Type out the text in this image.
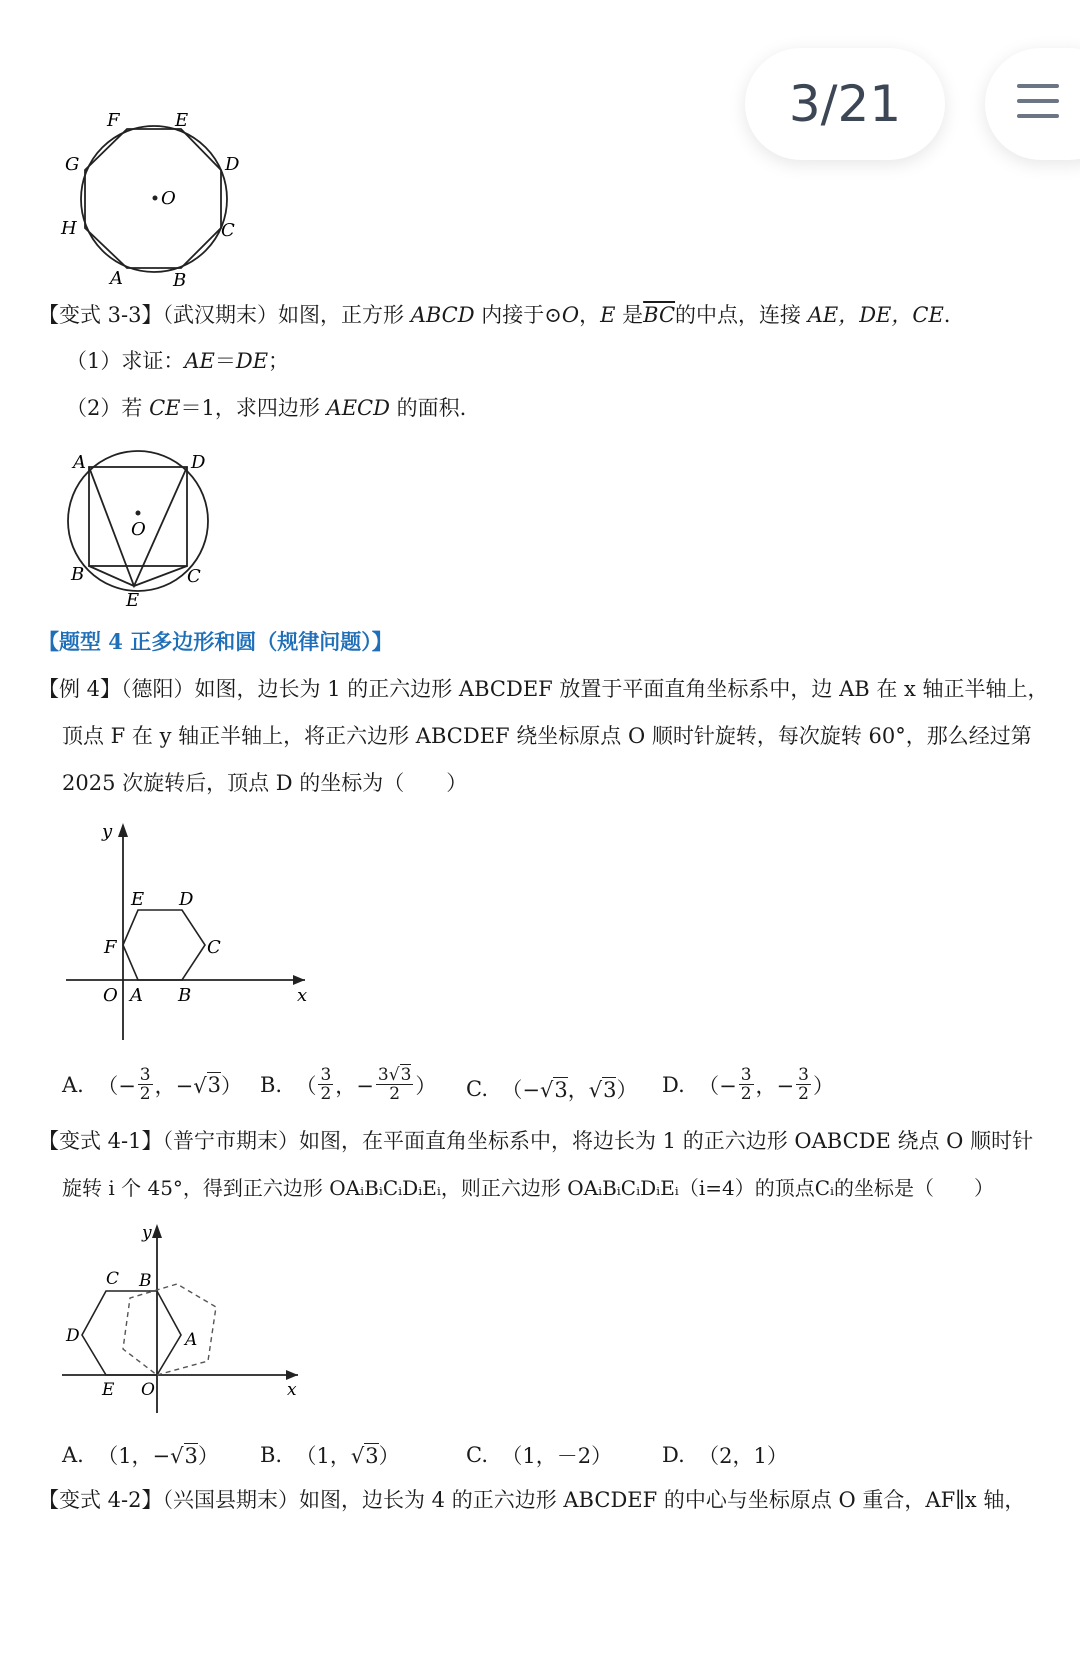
3/21
F	E
G	D
O
H	C
A	B
【变式 3-3】（武汉期末）如图，正方形 ABCD 内接于⊙O，E 是$\overline{BC}$的中点，连接 AE，DE，CE.
（1）求证：AE＝DE；
（2）若 CE＝1，求四边形 AECD 的面积.
A	D
O
B	C
E
【题型 4 正多边形和圆（规律问题）】
【例 4】（德阳）如图，边长为 1 的正六边形 ABCDEF 放置于平面直角坐标系中，边 AB 在 x 轴正半轴上，
顶点 F 在 y 轴正半轴上，将正六边形 ABCDEF 绕坐标原点 O 顺时针旋转，每次旋转 60°，那么经过第
2025 次旋转后，顶点 D 的坐标为（　　）
y
E D
F	C
O A B	x
A. （− $\frac{3}{2}$ ，−√ 3 ） B. （ $\frac{3}{2}$ ，− $\frac{3√3}{2}$ ） C. （−√ 3 ，√ 3 ） D. （− $\frac{3}{2}$ ，− $\frac{3}{2}$ ）
【变式 4-1】（普宁市期末）如图，在平面直角坐标系中，将边长为 1 的正六边形 OABCDE 绕点 O 顺时针
旋转 i 个 45°，得到正六边形 OAᵢBᵢCᵢDᵢEᵢ，则正六边形 OAᵢBᵢCᵢDᵢEᵢ（i=4）的顶点Cᵢ的坐标是（　　）
y
C B
D	A
E O	x
A. （1，−√ 3 ） B. （1，√ 3 ）	C.
（1，－2） D.
（2，1）
【变式 4-2】（兴国县期末）如图，边长为 4 的正六边形 ABCDEF 的中心与坐标原点 O 重合，AF∥x 轴，
